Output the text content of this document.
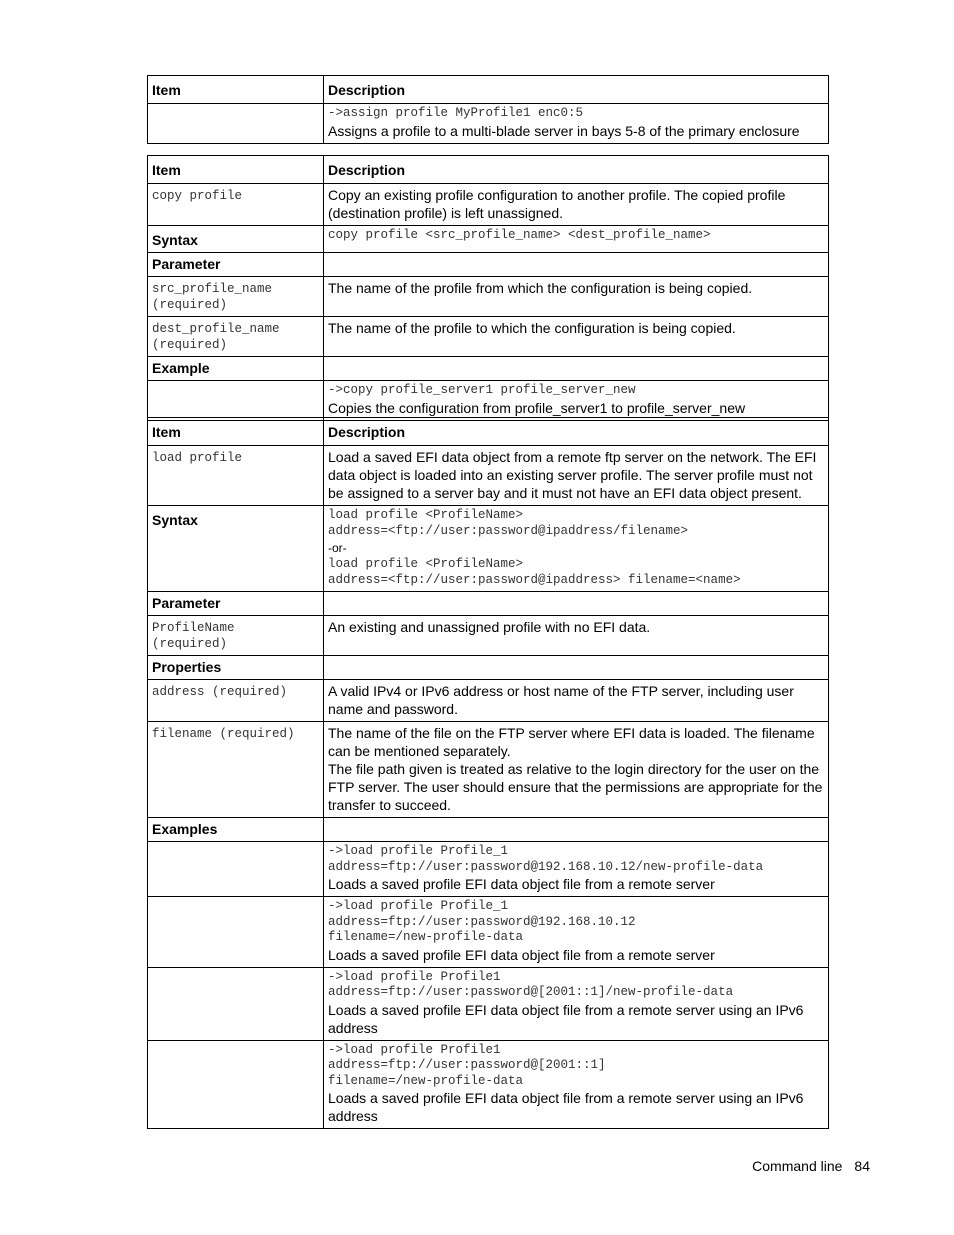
Item	Description

	->assign profile MyProfile1 enc0:5
Assigns a profile to a multi-blade server in bays 5-8 of the primary enclosure
Item	Description

copy profile	Copy an existing profile configuration to another profile. The copied profile (destination profile) is left unassigned.
Syntax	copy profile <src_profile_name> <dest_profile_name>

Parameter	

src_profile_name
(required)	The name of the profile from which the configuration is being copied.

dest_profile_name
(required)	The name of the profile to which the configuration is being copied.
Example	

	->copy profile_server1 profile_server_new
Copies the configuration from profile_server1 to profile_server_new
Item	Description

load profile	Load a saved EFI data object from a remote ftp server on the network. The EFI data object is loaded into an existing server profile. The server profile must not be assigned to a server bay and it must not have an EFI data object present.
Syntax	load profile <ProfileName>
address=<ftp://user:password@ipaddress/filename>
-or-
load profile <ProfileName>
address=<ftp://user:password@ipaddress> filename=<name>

Parameter	

ProfileName
(required)	An existing and unassigned profile with no EFI data.
Properties	

address (required)	A valid IPv4 or IPv6 address or host name of the FTP server, including user name and password.

filename (required)	The name of the file on the FTP server where EFI data is loaded. The filename can be mentioned separately.
The file path given is treated as relative to the login directory for the user on the FTP server. The user should ensure that the permissions are appropriate for the transfer to succeed.

Examples	

	->load profile Profile_1
address=ftp://user:password@192.168.10.12/new-profile-data
Loads a saved profile EFI data object file from a remote server

	->load profile Profile_1
address=ftp://user:password@192.168.10.12
filename=/new-profile-data
Loads a saved profile EFI data object file from a remote server

	->load profile Profile1
address=ftp://user:password@[2001::1]/new-profile-data
Loads a saved profile EFI data object file from a remote server using an IPv6 address

	->load profile Profile1
address=ftp://user:password@[2001::1]
filename=/new-profile-data
Loads a saved profile EFI data object file from a remote server using an IPv6 address
Command line 84
